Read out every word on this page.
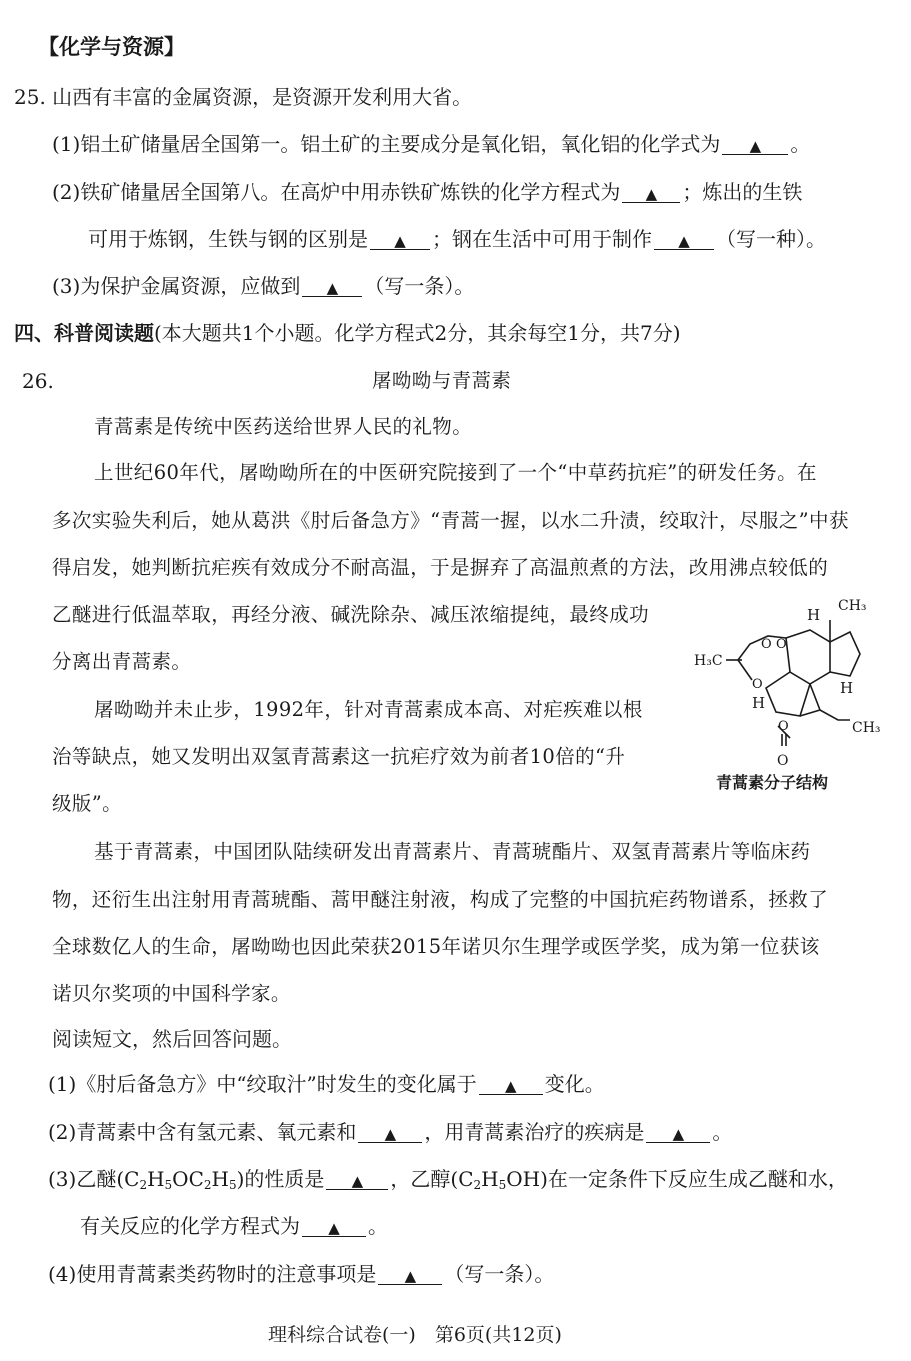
【化学与资源】
25. 山西有丰富的金属资源，是资源开发利用大省。
(1)铝土矿储量居全国第一。铝土矿的主要成分是氧化铝，氧化铝的化学式为 ▲ 。
(2)铁矿储量居全国第八。在高炉中用赤铁矿炼铁的化学方程式为 ▲ ；炼出的生铁
可用于炼钢，生铁与钢的区别是 ▲ ；钢在生活中可用于制作 ▲ （写一种）。
(3)为保护金属资源，应做到 ▲ （写一条）。
四、科普阅读题(本大题共1个小题。化学方程式2分，其余每空1分，共7分)
26.	屠呦呦与青蒿素
青蒿素是传统中医药送给世界人民的礼物。
上世纪60年代，屠呦呦所在的中医研究院接到了一个“中草药抗疟”的研发任务。在
多次实验失利后，她从葛洪《肘后备急方》“青蒿一握，以水二升渍，绞取汁，尽服之”中获
得启发，她判断抗疟疾有效成分不耐高温，于是摒弃了高温煎煮的方法，改用沸点较低的
乙醚进行低温萃取，再经分液、碱洗除杂、减压浓缩提纯，最终成功
分离出青蒿素。
屠呦呦并未止步，1992年，针对青蒿素成本高、对疟疾难以根
治等缺点，她又发明出双氢青蒿素这一抗疟疗效为前者10倍的“升
级版”。
H CH₃
H₃C
O O
O
O
O
H
H
CH₃
青蒿素分子结构
基于青蒿素，中国团队陆续研发出青蒿素片、青蒿琥酯片、双氢青蒿素片等临床药
物，还衍生出注射用青蒿琥酯、蒿甲醚注射液，构成了完整的中国抗疟药物谱系，拯救了
全球数亿人的生命，屠呦呦也因此荣获2015年诺贝尔生理学或医学奖，成为第一位获该
诺贝尔奖项的中国科学家。
阅读短文，然后回答问题。
(1)《肘后备急方》中“绞取汁”时发生的变化属于 ▲ 变化。
(2)青蒿素中含有氢元素、氧元素和 ▲ ，用青蒿素治疗的疾病是 ▲ 。
(3)乙醚$(C_2H_5OC_2H_5)$的性质是 ▲ ，乙醇$(C_2H_5OH)$在一定条件下反应生成乙醚和水，
有关反应的化学方程式为 ▲ 。
(4)使用青蒿素类药物时的注意事项是 ▲ （写一条）。
理科综合试卷(一)　第6页(共12页)
